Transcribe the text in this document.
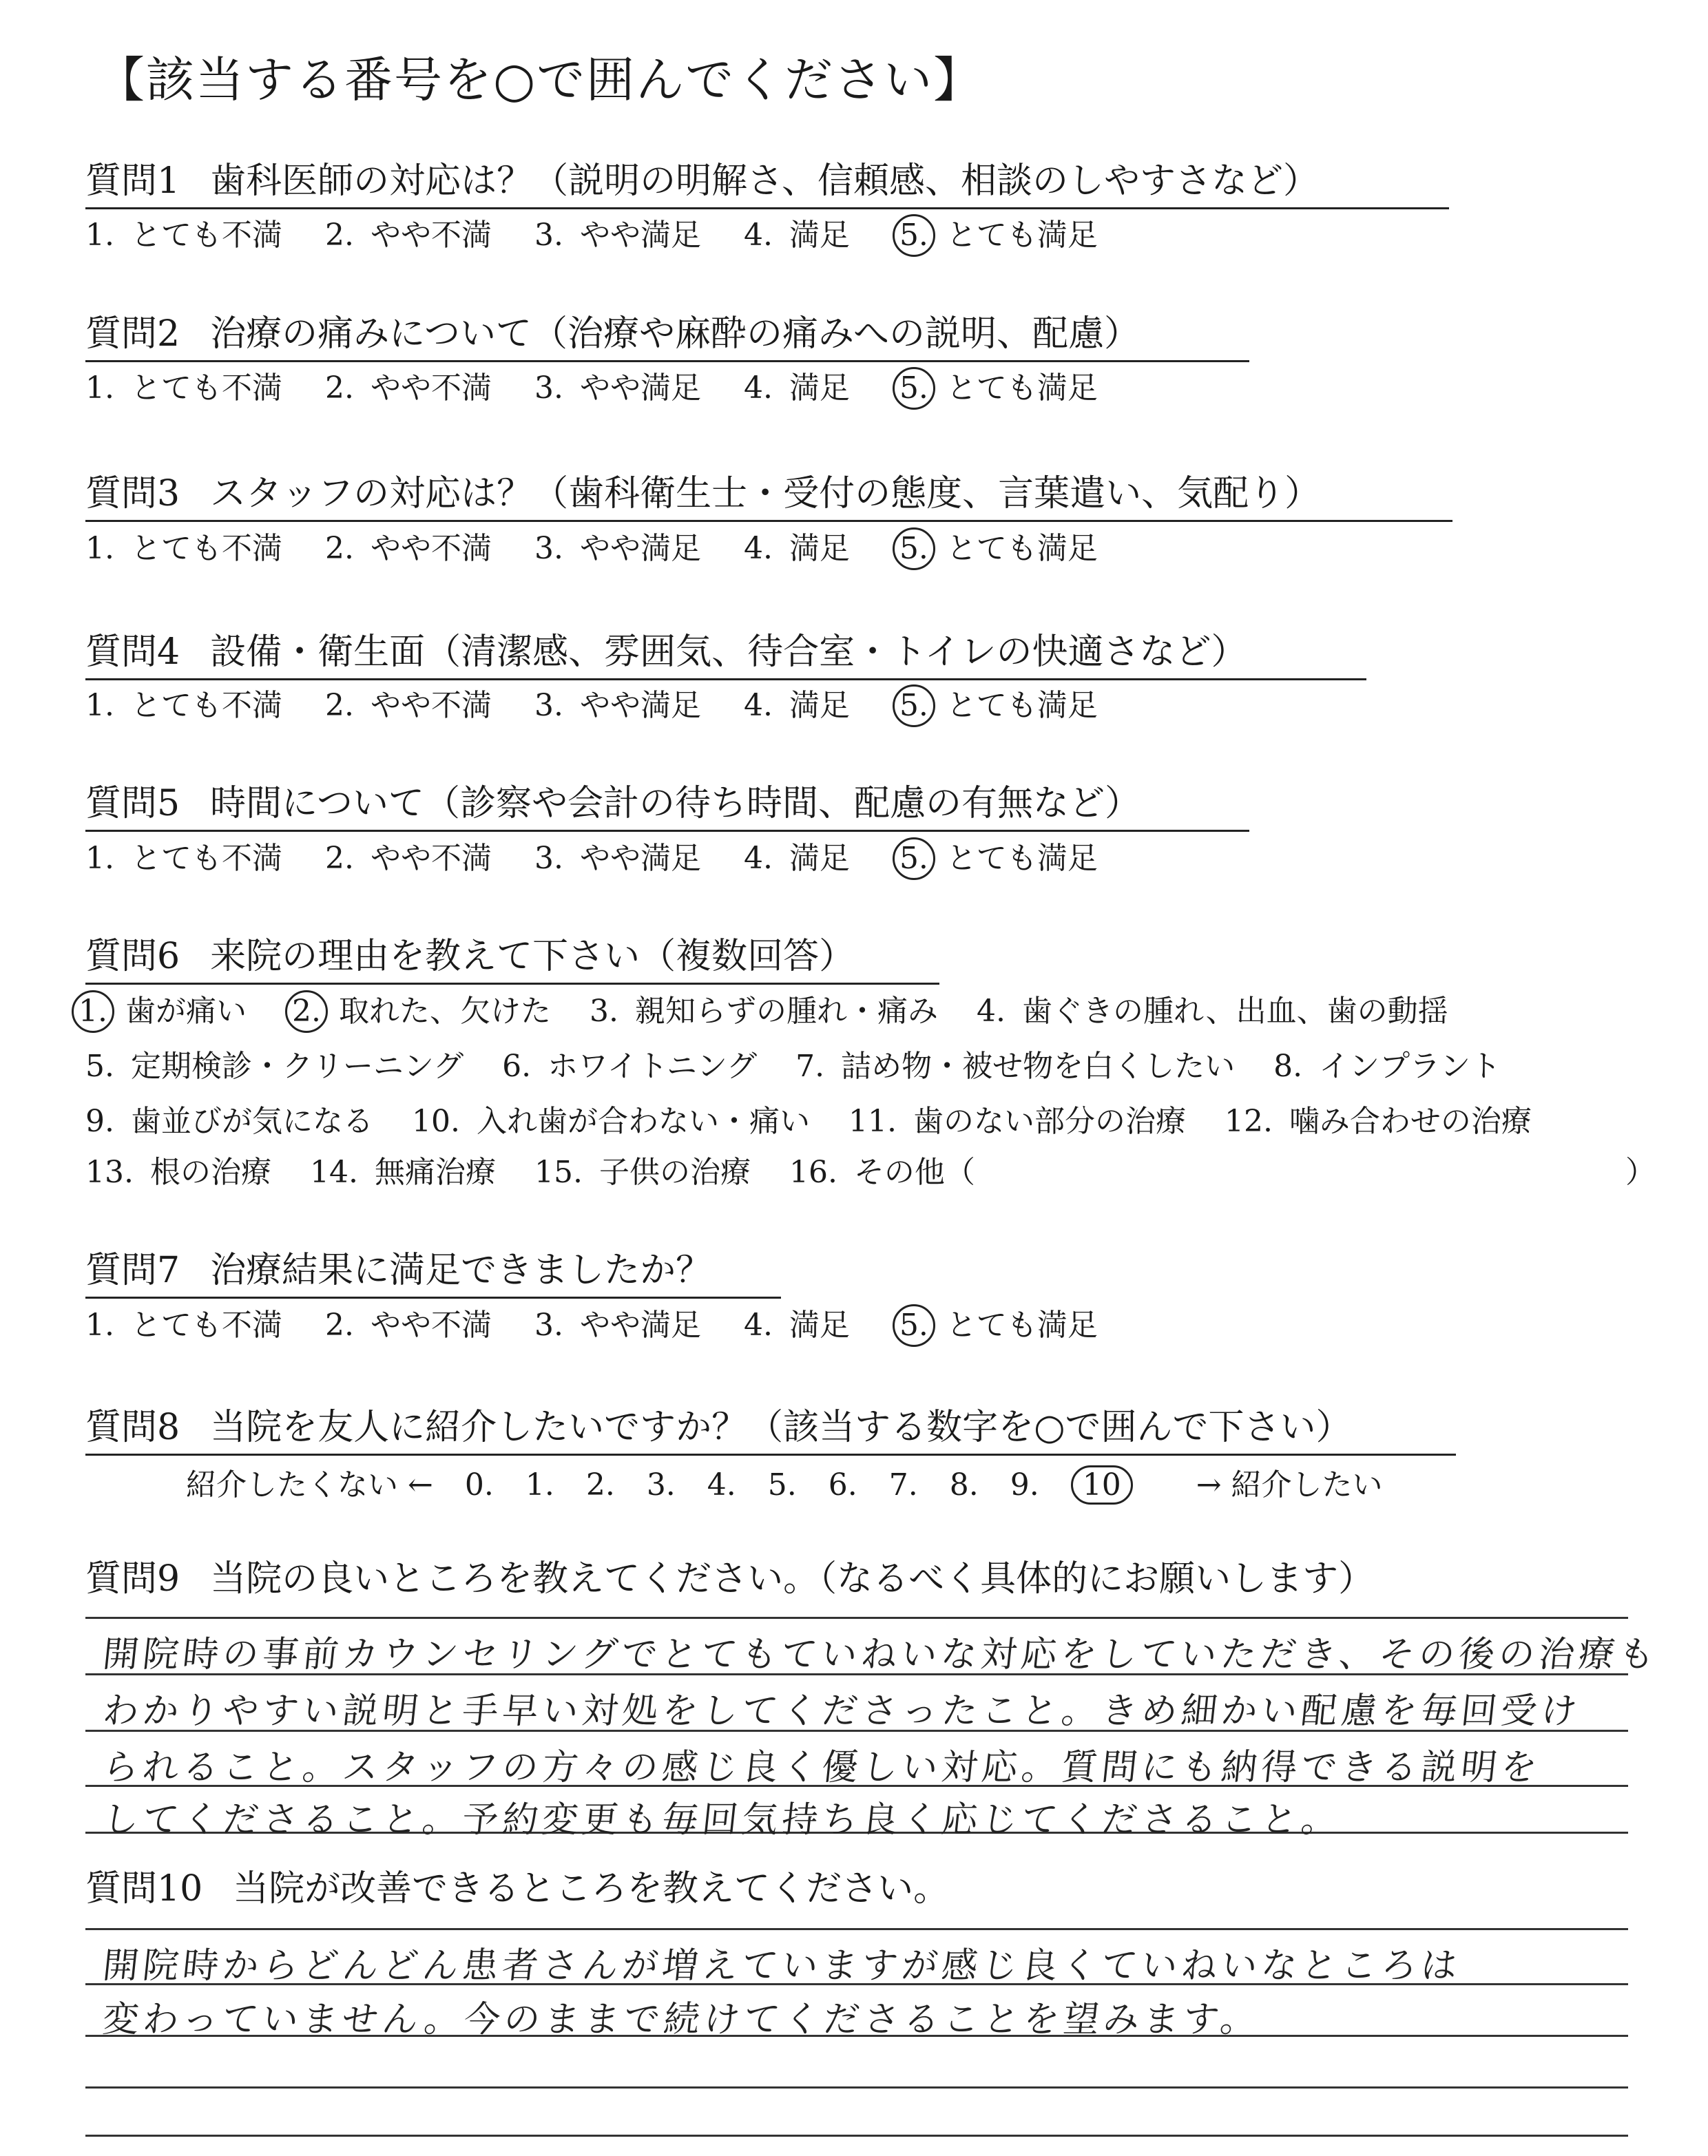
【該当する番号を○で囲んでください】
質問1 歯科医師の対応は？（説明の明解さ、信頼感、相談のしやすさなど）
1. とても不満 2. やや不満 3. やや満足 4. 満足 5. とても満足
質問2 治療の痛みについて（治療や麻酔の痛みへの説明、配慮）
1. とても不満 2. やや不満 3. やや満足 4. 満足 5. とても満足
質問3 スタッフの対応は？（歯科衛生士・受付の態度、言葉遣い、気配り）
1. とても不満 2. やや不満 3. やや満足 4. 満足 5. とても満足
質問4 設備・衛生面（清潔感、雰囲気、待合室・トイレの快適さなど）
1. とても不満 2. やや不満 3. やや満足 4. 満足 5. とても満足
質問5 時間について（診察や会計の待ち時間、配慮の有無など）
1. とても不満 2. やや不満 3. やや満足 4. 満足 5. とても満足
質問6 来院の理由を教えて下さい（複数回答）
1. 歯が痛い 2. 取れた、欠けた 3. 親知らずの腫れ・痛み 4. 歯ぐきの腫れ、出血、歯の動揺
5. 定期検診・クリーニング 6. ホワイトニング 7. 詰め物・被せ物を白くしたい 8. インプラント
9. 歯並びが気になる 10. 入れ歯が合わない・痛い 11. 歯のない部分の治療 12. 噛み合わせの治療
13. 根の治療 14. 無痛治療 15. 子供の治療 16. その他（	）
質問7 治療結果に満足できましたか？
1. とても不満 2. やや不満 3. やや満足 4. 満足 5. とても満足
質問8 当院を友人に紹介したいですか？（該当する数字を○で囲んで下さい）
紹介したくない ← 0. 1. 2. 3. 4. 5. 6. 7. 8. 9. 10 → 紹介したい
質問9 当院の良いところを教えてください。（なるべく具体的にお願いします）
開院時の事前カウンセリングでとてもていねいな対応をしていただき、その後の治療も
わかりやすい説明と手早い対処をしてくださったこと。きめ細かい配慮を毎回受け
られること。スタッフの方々の感じ良く優しい対応。質問にも納得できる説明を
してくださること。予約変更も毎回気持ち良く応じてくださること。
質問10 当院が改善できるところを教えてください。
開院時からどんどん患者さんが増えていますが感じ良くていねいなところは
変わっていません。今のままで続けてくださることを望みます。
